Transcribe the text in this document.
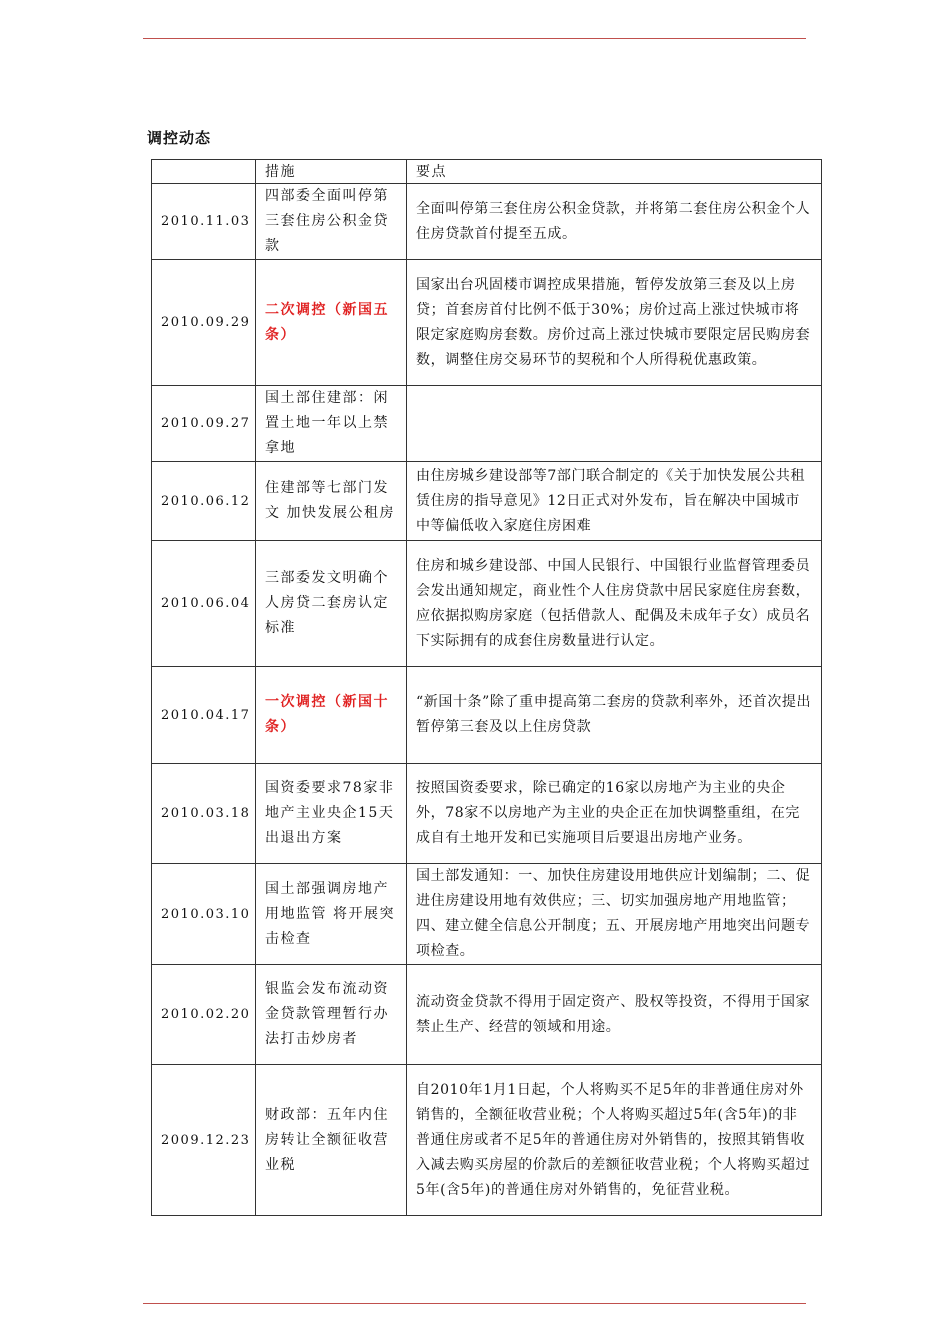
调控动态
	措施	要点
2010.11.03	四部委全面叫停第三套住房公积金贷款	全面叫停第三套住房公积金贷款，并将第二套住房公积金个人住房贷款首付提至五成。
2010.09.29	二次调控（新国五条）	国家出台巩固楼市调控成果措施，暂停发放第三套及以上房贷；首套房首付比例不低于30%；房价过高上涨过快城市将限定家庭购房套数。房价过高上涨过快城市要限定居民购房套数，调整住房交易环节的契税和个人所得税优惠政策。
2010.09.27	国土部住建部：闲置土地一年以上禁拿地	
2010.06.12	住建部等七部门发文 加快发展公租房	由住房城乡建设部等7部门联合制定的《关于加快发展公共租赁住房的指导意见》12日正式对外发布，旨在解决中国城市中等偏低收入家庭住房困难
2010.06.04	三部委发文明确个人房贷二套房认定标准	住房和城乡建设部、中国人民银行、中国银行业监督管理委员会发出通知规定，商业性个人住房贷款中居民家庭住房套数，应依据拟购房家庭（包括借款人、配偶及未成年子女）成员名下实际拥有的成套住房数量进行认定。
2010.04.17	一次调控（新国十条）	“新国十条”除了重申提高第二套房的贷款利率外，还首次提出暂停第三套及以上住房贷款
2010.03.18	国资委要求78家非地产主业央企15天出退出方案	按照国资委要求，除已确定的16家以房地产为主业的央企外，78家不以房地产为主业的央企正在加快调整重组，在完成自有土地开发和已实施项目后要退出房地产业务。
2010.03.10	国土部强调房地产用地监管 将开展突击检查	国土部发通知：一、加快住房建设用地供应计划编制；二、促进住房建设用地有效供应；三、切实加强房地产用地监管；四、建立健全信息公开制度；五、开展房地产用地突出问题专项检查。
2010.02.20	银监会发布流动资金贷款管理暂行办法打击炒房者	流动资金贷款不得用于固定资产、股权等投资，不得用于国家禁止生产、经营的领域和用途。
2009.12.23	财政部：五年内住房转让全额征收营业税	自2010年1月1日起，个人将购买不足5年的非普通住房对外销售的，全额征收营业税；个人将购买超过5年(含5年)的非普通住房或者不足5年的普通住房对外销售的，按照其销售收入减去购买房屋的价款后的差额征收营业税；个人将购买超过5年(含5年)的普通住房对外销售的，免征营业税。
